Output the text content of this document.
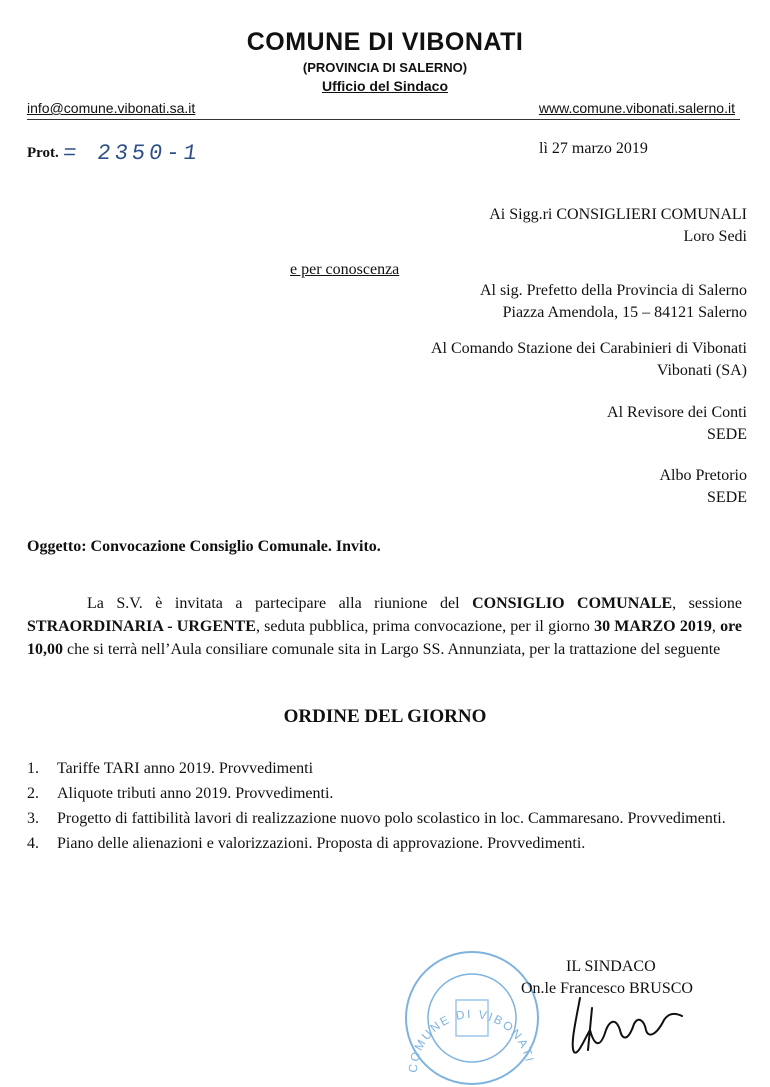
COMUNE DI VIBONATI
(PROVINCIA DI SALERNO)
Ufficio del Sindaco
info@comune.vibonati.sa.it	www.comune.vibonati.salerno.it
Prot. = 2350-1	lì 27 marzo 2019
Ai Sigg.ri CONSIGLIERI COMUNALI
Loro Sedi
e per conoscenza
Al sig. Prefetto della Provincia di Salerno
Piazza Amendola, 15 – 84121 Salerno
Al Comando Stazione dei Carabinieri di Vibonati
Vibonati (SA)
Al Revisore dei Conti
SEDE
Albo Pretorio
SEDE
Oggetto: Convocazione Consiglio Comunale. Invito.
La S.V. è invitata a partecipare alla riunione del CONSIGLIO COMUNALE, sessione STRAORDINARIA - URGENTE, seduta pubblica, prima convocazione, per il giorno 30 MARZO 2019, ore 10,00 che si terrà nell’Aula consiliare comunale sita in Largo SS. Annunziata, per la trattazione del seguente
ORDINE DEL GIORNO
1.	Tariffe TARI anno 2019. Provvedimenti
2.	Aliquote tributi anno 2019. Provvedimenti.
3.	Progetto di fattibilità lavori di realizzazione nuovo polo scolastico in loc. Cammaresano. Provvedimenti.
4.	Piano delle alienazioni e valorizzazioni. Proposta di approvazione. Provvedimenti.
COMUNE DI VIBONATI
IL SINDACO
On.le Francesco BRUSCO
